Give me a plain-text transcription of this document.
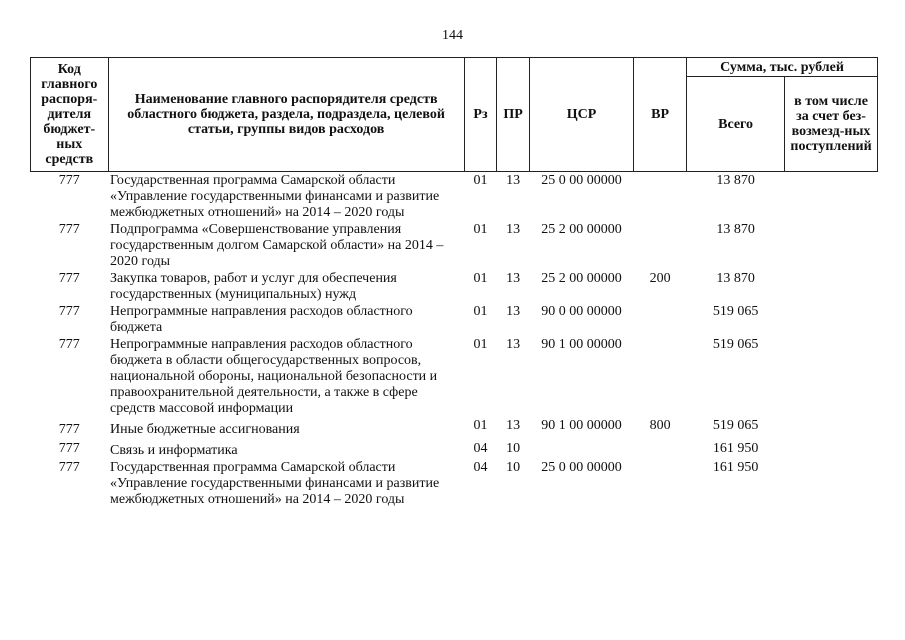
144
Код главного распоря-дителя бюджет-ных средств	Наименование главного распорядителя средств областного бюджета, раздела, подраздела, целевой статьи, группы видов расходов	Рз	ПР	ЦСР	ВР	Сумма, тыс. рублей	
						Всего	в том числе за счет без-возмезд-ных поступлений
777	Государственная программа Самарской области «Управление государственными финансами и развитие межбюджетных отношений» на 2014 – 2020 годы	01	13	25 0 00 00000		13 870	
777	Подпрограмма «Совершенствование управления государственным долгом Самарской области» на 2014 – 2020 годы	01	13	25 2 00 00000		13 870	
777	Закупка товаров, работ и услуг для обеспечения государственных (муниципальных) нужд	01	13	25 2 00 00000	200	13 870	
777	Непрограммные направления расходов областного бюджета	01	13	90 0 00 00000		519 065	
777	Непрограммные направления расходов областного бюджета в области общегосударственных вопросов, национальной обороны, национальной безопасности и правоохранительной деятельности, а также в сфере средств массовой информации	01	13	90 1 00 00000		519 065	
777	Иные бюджетные ассигнования	01	13	90 1 00 00000	800	519 065	
777	Связь и информатика	04	10			161 950	
777	Государственная программа Самарской области «Управление государственными финансами и развитие межбюджетных отношений» на 2014 – 2020 годы	04	10	25 0 00 00000		161 950	
